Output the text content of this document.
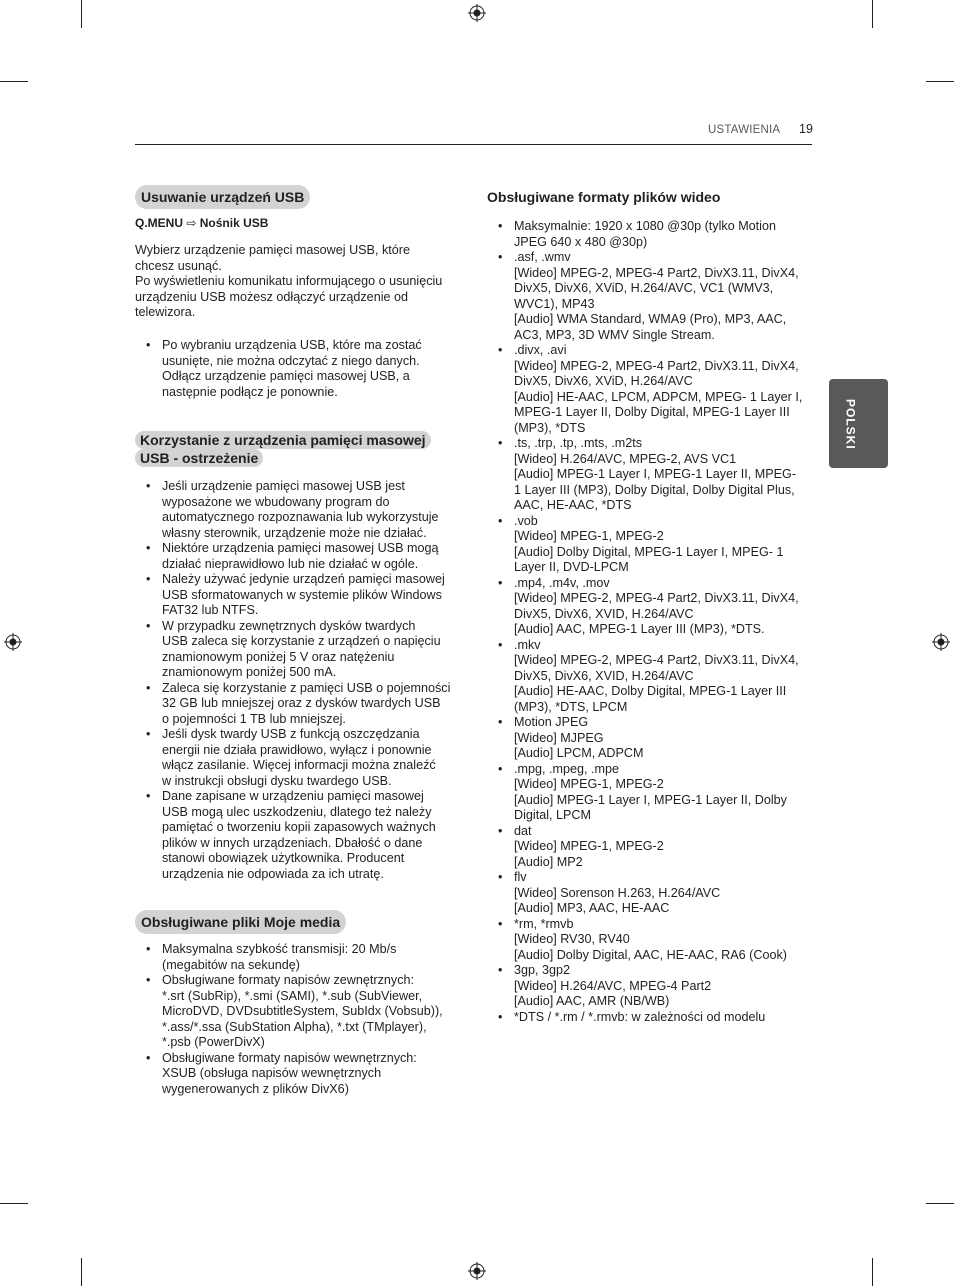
USTAWIENIA 19
POLSKI
Usuwanie urządzeń USB
Q.MENU ⇨ Nośnik USB
Wybierz urządzenie pamięci masowej USB, które
chcesz usunąć.
Po wyświetleniu komunikatu informującego o usunięciu
urządzeniu USB możesz odłączyć urządzenie od
telewizora.
• Po wybraniu urządzenia USB, które ma zostać
usunięte, nie można odczytać z niego danych.
Odłącz urządzenie pamięci masowej USB, a
następnie podłącz je ponownie.
Korzystanie z urządzenia pamięci masowej
USB - ostrzeżenie
• Jeśli urządzenie pamięci masowej USB jest
wyposażone we wbudowany program do
automatycznego rozpoznawania lub wykorzystuje
własny sterownik, urządzenie może nie działać.
• Niektóre urządzenia pamięci masowej USB mogą
działać nieprawidłowo lub nie działać w ogóle.
• Należy używać jedynie urządzeń pamięci masowej
USB sformatowanych w systemie plików Windows
FAT32 lub NTFS.
• W przypadku zewnętrznych dysków twardych
USB zaleca się korzystanie z urządzeń o napięciu
znamionowym poniżej 5 V oraz natężeniu
znamionowym poniżej 500 mA.
• Zaleca się korzystanie z pamięci USB o pojemności
32 GB lub mniejszej oraz z dysków twardych USB
o pojemności 1 TB lub mniejszej.
• Jeśli dysk twardy USB z funkcją oszczędzania
energii nie działa prawidłowo, wyłącz i ponownie
włącz zasilanie. Więcej informacji można znaleźć
w instrukcji obsługi dysku twardego USB.
• Dane zapisane w urządzeniu pamięci masowej
USB mogą ulec uszkodzeniu, dlatego też należy
pamiętać o tworzeniu kopii zapasowych ważnych
plików w innych urządzeniach. Dbałość o dane
stanowi obowiązek użytkownika. Producent
urządzenia nie odpowiada za ich utratę.
Obsługiwane pliki Moje media
• Maksymalna szybkość transmisji: 20 Mb/s
(megabitów na sekundę)
• Obsługiwane formaty napisów zewnętrznych:
*.srt (SubRip), *.smi (SAMI), *.sub (SubViewer,
MicroDVD, DVDsubtitleSystem, SubIdx (Vobsub)),
*.ass/*.ssa (SubStation Alpha), *.txt (TMplayer),
*.psb (PowerDivX)
• Obsługiwane formaty napisów wewnętrznych:
XSUB (obsługa napisów wewnętrznych
wygenerowanych z plików DivX6)
Obsługiwane formaty plików wideo
• Maksymalnie: 1920 x 1080 @30p (tylko Motion
JPEG 640 x 480 @30p)
• .asf, .wmv
[Wideo] MPEG-2, MPEG-4 Part2, DivX3.11, DivX4,
DivX5, DivX6, XViD, H.264/AVC, VC1 (WMV3,
WVC1), MP43
[Audio] WMA Standard, WMA9 (Pro), MP3, AAC,
AC3, MP3, 3D WMV Single Stream.
• .divx, .avi
[Wideo] MPEG-2, MPEG-4 Part2, DivX3.11, DivX4,
DivX5, DivX6, XViD, H.264/AVC
[Audio] HE-AAC, LPCM, ADPCM, MPEG- 1 Layer I,
MPEG-1 Layer II, Dolby Digital, MPEG-1 Layer III
(MP3), *DTS
• .ts, .trp, .tp, .mts, .m2ts
[Wideo] H.264/AVC, MPEG-2, AVS VC1
[Audio] MPEG-1 Layer I, MPEG-1 Layer II, MPEG-
1 Layer III (MP3), Dolby Digital, Dolby Digital Plus,
AAC, HE-AAC, *DTS
• .vob
[Wideo] MPEG-1, MPEG-2
[Audio] Dolby Digital, MPEG-1 Layer I, MPEG- 1
Layer II, DVD-LPCM
• .mp4, .m4v, .mov
[Wideo] MPEG-2, MPEG-4 Part2, DivX3.11, DivX4,
DivX5, DivX6, XVID, H.264/AVC
[Audio] AAC, MPEG-1 Layer III (MP3), *DTS.
• .mkv
[Wideo] MPEG-2, MPEG-4 Part2, DivX3.11, DivX4,
DivX5, DivX6, XVID, H.264/AVC
[Audio] HE-AAC, Dolby Digital, MPEG-1 Layer III
(MP3), *DTS, LPCM
• Motion JPEG
[Wideo] MJPEG
[Audio] LPCM, ADPCM
• .mpg, .mpeg, .mpe
[Wideo] MPEG-1, MPEG-2
[Audio] MPEG-1 Layer I, MPEG-1 Layer II, Dolby
Digital, LPCM
• dat
[Wideo] MPEG-1, MPEG-2
[Audio] MP2
• flv
[Wideo] Sorenson H.263, H.264/AVC
[Audio] MP3, AAC, HE-AAC
• *rm, *rmvb
[Wideo] RV30, RV40
[Audio] Dolby Digital, AAC, HE-AAC, RA6 (Cook)
• 3gp, 3gp2
[Wideo] H.264/AVC, MPEG-4 Part2
[Audio] AAC, AMR (NB/WB)
• *DTS / *.rm / *.rmvb: w zależności od modelu
